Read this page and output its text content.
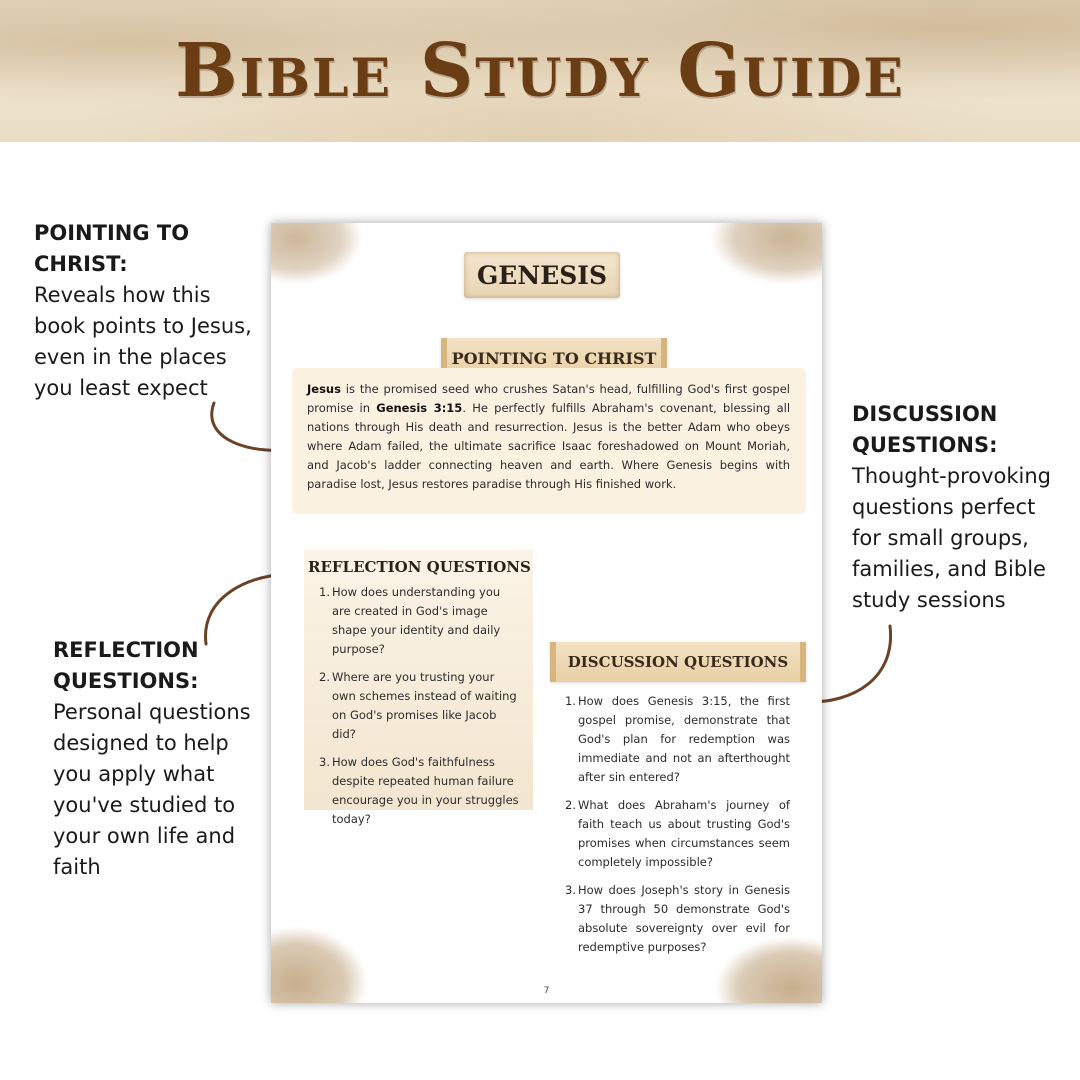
Bible Study Guide
POINTING TO CHRIST:
Reveals how this book points to Jesus, even in the places you least expect
REFLECTION QUESTIONS:
Personal questions designed to help you apply what you've studied to your own life and faith
DISCUSSION QUESTIONS:
Thought-provoking questions perfect for small groups, families, and Bible study sessions
GENESIS
POINTING TO CHRIST
Jesus is the promised seed who crushes Satan's head, fulfilling God's first gospel promise in Genesis 3:15. He perfectly fulfills Abraham's covenant, blessing all nations through His death and resurrection. Jesus is the better Adam who obeys where Adam failed, the ultimate sacrifice Isaac foreshadowed on Mount Moriah, and Jacob's ladder connecting heaven and earth. Where Genesis begins with paradise lost, Jesus restores paradise through His finished work.
REFLECTION QUESTIONS
1. How does understanding you are created in God's image shape your identity and daily purpose?
2. Where are you trusting your own schemes instead of waiting on God's promises like Jacob did?
3. How does God's faithfulness despite repeated human failure encourage you in your struggles today?
DISCUSSION QUESTIONS
1. How does Genesis 3:15, the first gospel promise, demonstrate that God's plan for redemption was immediate and not an afterthought after sin entered?
2. What does Abraham's journey of faith teach us about trusting God's promises when circumstances seem completely impossible?
3. How does Joseph's story in Genesis 37 through 50 demonstrate God's absolute sovereignty over evil for redemptive purposes?
7
